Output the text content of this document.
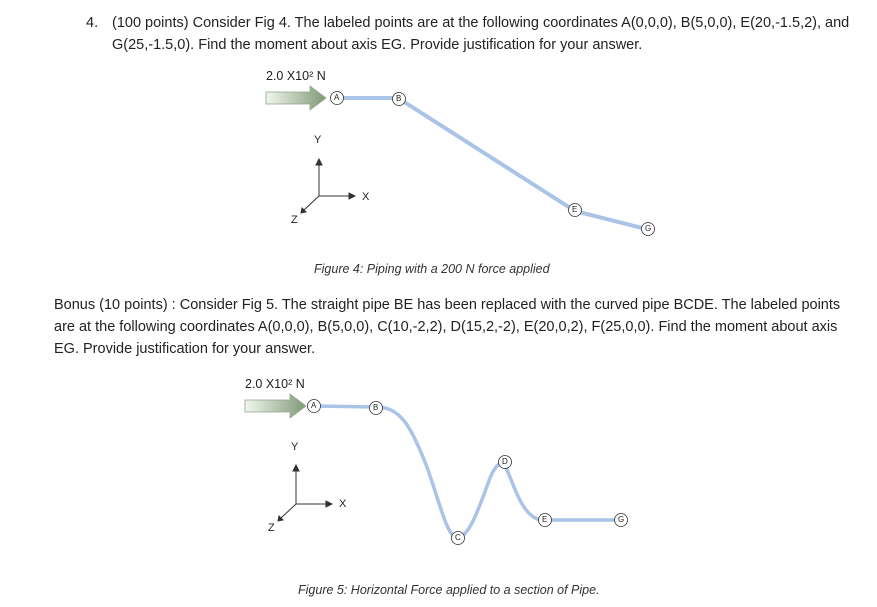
4. (100 points) Consider Fig 4. The labeled points are at the following coordinates A(0,0,0), B(5,0,0), E(20,-1.5,2), and G(25,-1.5,0). Find the moment about axis EG. Provide justification for your answer.
2.0 X10² N
A	B
E
G
Y
X
Z
Figure 4: Piping with a 200 N force applied
Bonus (10 points) : Consider Fig 5. The straight pipe BE has been replaced with the curved pipe BCDE. The labeled points are at the following coordinates A(0,0,0), B(5,0,0), C(10,-2,2), D(15,2,-2), E(20,0,2), F(25,0,0). Find the moment about axis EG. Provide justification for your answer.
2.0 X10² N
A	B
C
D
E	G
Y
X
Z
Figure 5: Horizontal Force applied to a section of Pipe.
